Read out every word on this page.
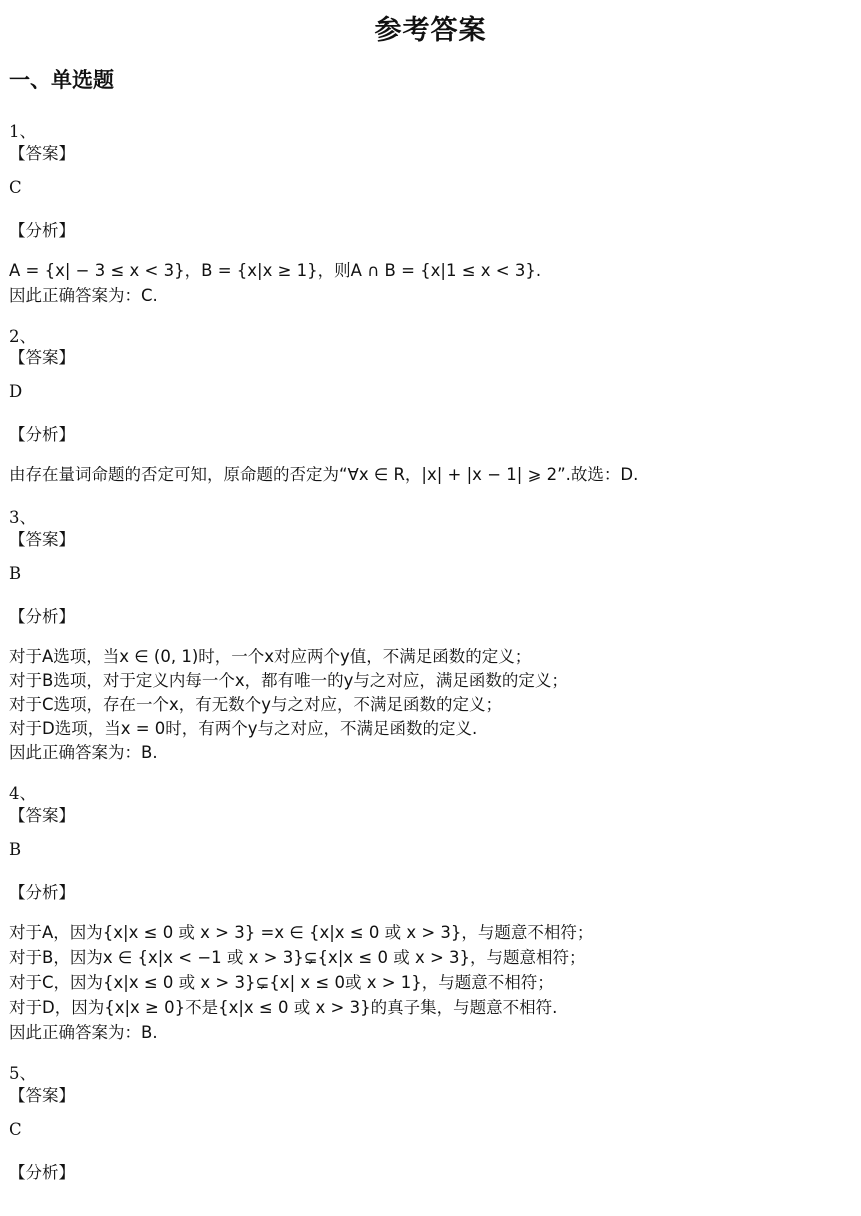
参考答案
一、单选题
1、
【答案】
C
【分析】
A = {x| − 3 ≤ x < 3}，B = {x|x ≥ 1}，则A ∩ B = {x|1 ≤ x < 3}.
因此正确答案为：C.
2、
【答案】
D
【分析】
由存在量词命题的否定可知，原命题的否定为“∀x ∈ R，|x| + |x − 1| ⩾ 2”.故选：D.
3、
【答案】
B
【分析】
对于A选项，当x ∈ (0, 1)时，一个x对应两个y值，不满足函数的定义；
对于B选项，对于定义内每一个x，都有唯一的y与之对应，满足函数的定义；
对于C选项，存在一个x，有无数个y与之对应，不满足函数的定义；
对于D选项，当x = 0时，有两个y与之对应，不满足函数的定义.
因此正确答案为：B.
4、
【答案】
B
【分析】
对于A，因为{x|x ≤ 0 或 x > 3} =x ∈ {x|x ≤ 0 或 x > 3}，与题意不相符；
对于B，因为x ∈ {x|x < −1 或 x > 3}⊊{x|x ≤ 0 或 x > 3}，与题意相符；
对于C，因为{x|x ≤ 0 或 x > 3}⊊{x| x ≤ 0或 x > 1}，与题意不相符；
对于D，因为{x|x ≥ 0}不是{x|x ≤ 0 或 x > 3}的真子集，与题意不相符.
因此正确答案为：B.
5、
【答案】
C
【分析】
